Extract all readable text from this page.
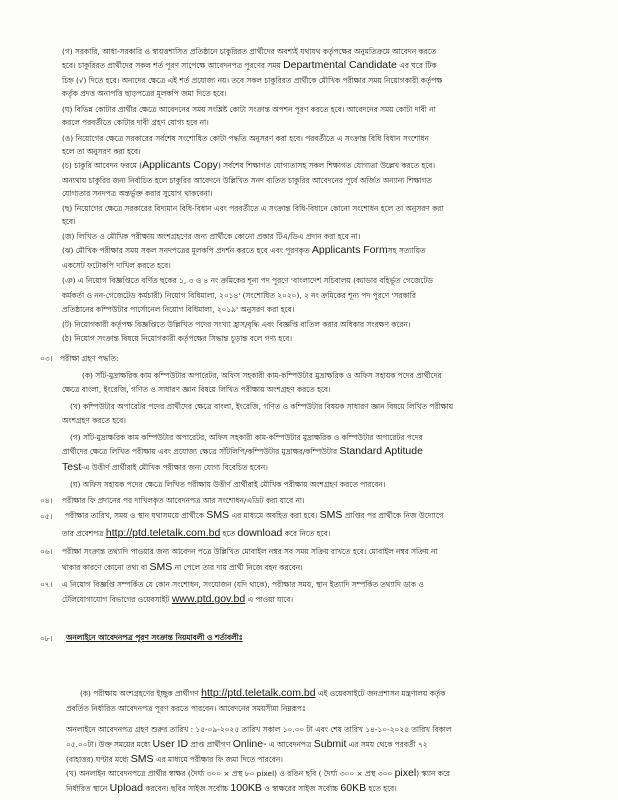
(গ) সরকারি, আধা-সরকারি ও স্বায়ত্তশাসিত প্রতিষ্ঠানে চাকুরিরত প্রার্থীদের অবশ্যই যথাযথ কর্তৃপক্ষের অনুমতিক্রমে আবেদন করতে
হবে। চাকুরিরত প্রার্থীদের সকল শর্ত পূরণ সাপেক্ষে আবেদনপত্র পূরণের সময় Departmental Candidate এর ঘরে টিক
চিহ্ন (√) দিতে হবে। অন্যদের ক্ষেত্রে এই শর্ত প্রযোজ্য নয়। তবে সকল চাকুরিরত প্রার্থীকে মৌখিক পরীক্ষার সময় নিয়োগকারী কর্তৃপক্ষ
কর্তৃক প্রদত্ত অনাপত্তি ছাড়পত্রের মূলকপি জমা দিতে হবে।
(ঘ) বিভিন্ন কোটার প্রার্থীর ক্ষেত্রে আবেদনের সময় সংশ্লিষ্ট কোটা সংক্রান্ত অপশন পূরণ করতে হবে। আবেদনের সময় কোটা দাবী না
করলে পরবর্তীতে কোটার দাবী গ্রহণ যোগ্য হবে না।
(ঙ) নিয়োগের ক্ষেত্রে সরকারের সর্বশেষ সংশোধিত কোটা পদ্ধতি অনুসরণ করা হবে। পরবর্তীতে এ সংক্রান্ত বিধি বিধান সংশোধন
হলে তা অনুসরণ করা হবে।
(চ) চাকুরি আবেদন ফরমে (Applicants Copy) সর্বশেষ শিক্ষাগত যোগ্যতাসহ সকল শিক্ষাগত যোগ্যতা উল্লেখ করতে হবে।
অন্যথায় চাকুরির জন্য নির্বাচিত হলে চাকুরির আবেদনে উল্লিখিত সনদ ব্যতিত চাকুরির আবেদনের পূর্বে অর্জিত অন্যান্য শিক্ষাগত
যোগ্যতার সনদপত্র অন্তর্ভুক্ত করার সুযোগ থাকবেনা।
(ছ) নিয়োগের ক্ষেত্রে সরকারের বিদ্যমান বিধি-বিধান এবং পরবর্তীতে এ সংক্রান্ত বিধি-বিধানে কোনো সংশোধন হলে তা অনুসরণ করা
হবে।
(জ) লিখিত ও মৌখিক পরীক্ষায় অংশগ্রহণের জন্য প্রার্থীকে কোনো প্রকার টিএ/ডিএ প্রদান করা হবে না।
(ঝ) মৌখিক পরীক্ষার সময় সকল সনদপত্রের মূলকপি প্রদর্শন করতে হবে এবং পূরণকৃত Applicants Formসহ সত্যায়িত
একসেট ফটোকপি দাখিল করতে হবে।
(ঞ) এ নিয়োগ বিজ্ঞপ্তিতে বর্ণিত ছকের ১, ৩ ও ৪ নং ক্রমিকের শূন্য পদ পূরণে 'বাংলাদেশ সচিবালয় (ক্যাডার বহির্ভূত গেজেটেড
কর্মকর্তা ও নন-গেজেটেড কর্মচারী) নিয়োগ বিধিমালা, ২০১৪' (সংশোধিত ২০২০), ২ নং ক্রমিকের শূন্য পদ পূরণে 'সরকারি
প্রতিষ্ঠানের কম্পিউটার পার্সোনেল নিয়োগ বিধিমালা, ২০১৯' অনুসরণ করা হবে।
(ট) নিয়োগকারী কর্তৃপক্ষ বিজ্ঞপ্তিতে উল্লিখিত পদের সংখ্যা হ্রাস/বৃদ্ধি এবং বিজ্ঞপ্তি বাতিল করার অধিকার সংরক্ষণ করেন।
(ঠ) নিয়োগ সংক্রান্ত বিষয়ে নিয়োগকারী কর্তৃপক্ষের সিদ্ধান্ত চূড়ান্ত বলে গণ্য হবে।
০৩। পরীক্ষা গ্রহণ পদ্ধতি:
(ক) সাঁট-মুদ্রাক্ষরিক কাম কম্পিউটার অপারেটর, অফিস সহকারী কাম-কম্পিউটার মুদ্রাক্ষরিক ও অফিস সহায়ক পদের প্রার্থীদের
ক্ষেত্রে বাংলা, ইংরেজি, গণিত ও সাধারণ জ্ঞান বিষয়ে লিখিত পরীক্ষায় অংশগ্রহণ করতে হবে।
(খ) কম্পিউটার অপারেটর পদের প্রার্থীদের ক্ষেত্রে বাংলা, ইংরেজি, গণিত ও কম্পিউটার বিষয়ক সাধারণ জ্ঞান বিষয়ে লিখিত পরীক্ষায়
অংশগ্রহণ করতে হবে।
(গ) সাঁট-মুদ্রাক্ষরিক কাম কম্পিউটার অপারেটর, অফিস সহকারী কাম-কম্পিউটার মুদ্রাক্ষরিক ও কম্পিউটার অপারেটর পদের
প্রার্থীদের ক্ষেত্রে লিখিত পরীক্ষায় এবং প্রযোজ্য ক্ষেত্রে সাঁটলিপি/কম্পিউটার মুদ্রাক্ষর/কম্পিউটার Standard Aptitude
Test-এ উত্তীর্ণ প্রার্থীরাই মৌখিক পরীক্ষার জন্য যোগ্য বিবেচিত হবেন।
(ঘ) অফিস সহায়ক পদের ক্ষেত্রে লিখিত পরীক্ষায় উত্তীর্ণ প্রার্থীরাই মৌখিক পরীক্ষায় অংশগ্রহণ করতে পারবেন।
০৪। পরীক্ষার ফি প্রদানের পর দাখিলকৃত আবেদনপত্র আর সংশোধন/এডিট করা যাবে না।
০৫। পরীক্ষার তারিখ, সময় ও স্থান যথাসময়ে প্রার্থীকে SMS এর মাধ্যমে অবহিত করা হবে। SMS প্রাপ্তির পর প্রার্থীকে নিজ উদ্যোগে
তার প্রবেশপত্র http://ptd.teletalk.com.bd হতে download করে নিতে হবে।
০৬। পরীক্ষা সংক্রান্ত তথ্যাদি পাওয়ার জন্য আবেদন পত্রে উল্লিখিত মোবাইল নম্বর সব সময় সক্রিয় রাখতে হবে। মোবাইল নম্বর সক্রিয় না
থাকার কারণে কোনো তথ্য বা SMS না পেলে তার দায় প্রার্থী নিজে বহন করবেন।
০৭। এ নিয়োগ বিজ্ঞপ্তি সম্পর্কিত যে কোন সংশোধন, সংযোজন (যদি থাকে), পরীক্ষার সময়, স্থান ইত্যাদি সম্পর্কিত তথ্যাদি ডাক ও
টেলিযোগাযোগ বিভাগের ওয়েবসাইট www.ptd.gov.bd এ পাওয়া যাবে।
০৮। অনলাইনে আবেদনপত্র পূরণ সংক্রান্ত নিয়মাবলী ও শর্তাবলীঃ
(ক) পরীক্ষায় অংশগ্রহণের ইচ্ছুক প্রার্থীগণ http://ptd.teletalk.com.bd এই ওয়েবসাইটে জনপ্রশাসন মন্ত্রণালয় কর্তৃক
প্রবর্তিত নির্ধারিত আবেদনপত্র পূরণ করতে পারবেন। আবেদনের সময়সীমা নিম্নরূপঃ
অনলাইনে আবেদনপত্র গ্রহণ শুরুর তারিখ : ১৫-০৯-২০২৫ তারিখ সকাল ১০.০০ টা এবং শেষ তারিখ ১৪-১০-২০২৫ তারিখ বিকাল
০৫.০০টা। উক্ত সময়ের মধ্যে User ID প্রাপ্ত প্রার্থীগণ Online- এ আবেদনপত্র Submit এর সময় থেকে পরবর্তী ৭২
(বাহাত্তর) ঘণ্টার মধ্যে SMS এর মাধ্যমে পরীক্ষার ফি জমা দিতে পারবেন।
(খ) অনলাইন আবেদনপত্রে প্রার্থীর স্বাক্ষর (দৈর্ঘ্য ৩০০ × প্রস্থ ৮০ pixel) ও রঙিন ছবি ( দৈর্ঘ্য ৩০০ × প্রস্থ ৩০০ pixel) স্ক্যান করে
নির্ধারিত স্থানে Upload করবেন। ছবির সাইজ সর্বোচ্চ 100KB ও স্বাক্ষরের সাইজ সর্বোচ্চ 60KB হতে হবে।
